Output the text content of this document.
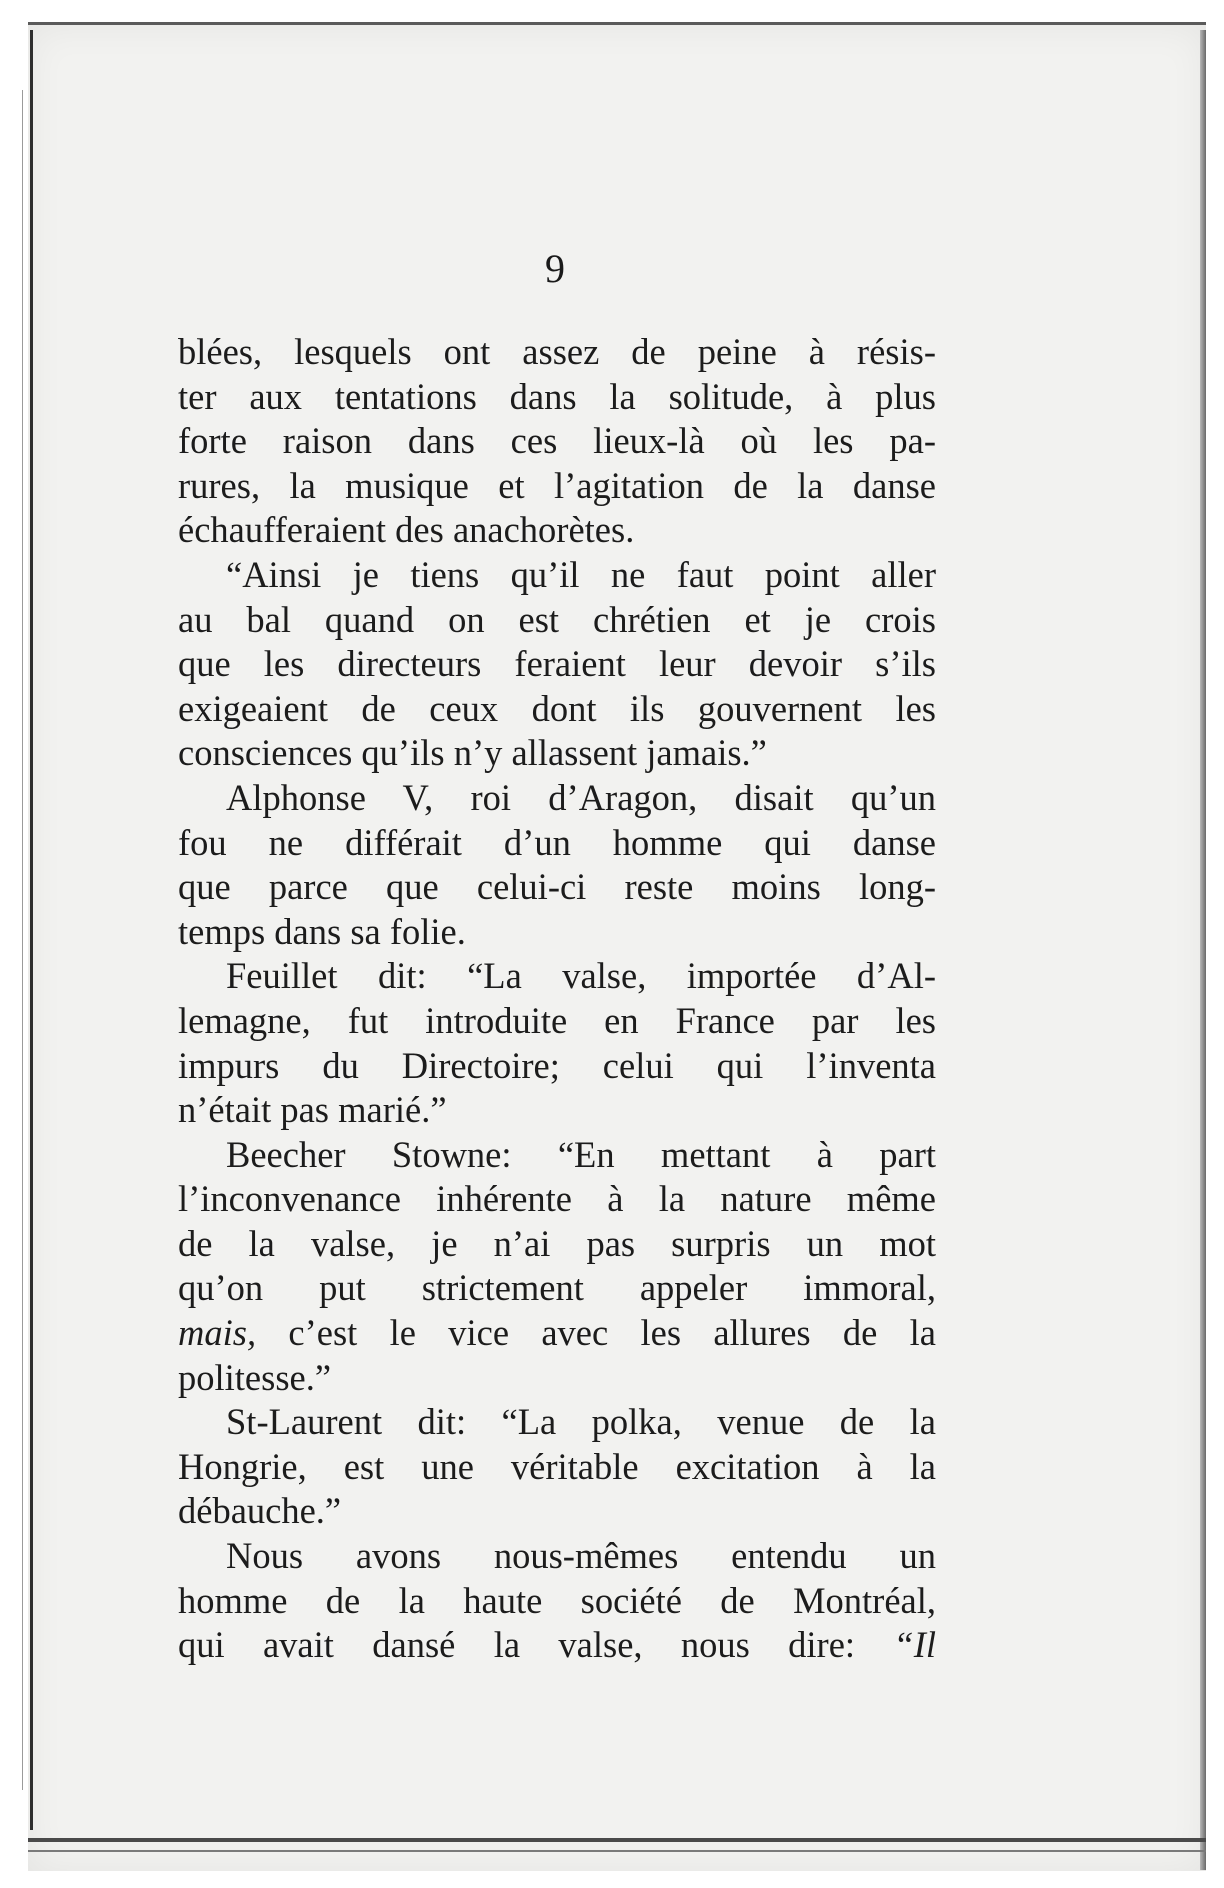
9
blées, lesquels ont assez de peine à résis-
ter aux tentations dans la solitude, à plus
forte raison dans ces lieux-là où les pa-
rures, la musique et l’agitation de la danse
échaufferaient des anachorètes.
“Ainsi je tiens qu’il ne faut point aller
au bal quand on est chrétien et je crois
que les directeurs feraient leur devoir s’ils
exigeaient de ceux dont ils gouvernent les
consciences qu’ils n’y allassent jamais.”
Alphonse V, roi d’Aragon, disait qu’un
fou ne différait d’un homme qui danse
que parce que celui-ci reste moins long-
temps dans sa folie.
Feuillet dit: “La valse, importée d’Al-
lemagne, fut introduite en France par les
impurs du Directoire; celui qui l’inventa
n’était pas marié.”
Beecher Stowne: “En mettant à part
l’inconvenance inhérente à la nature même
de la valse, je n’ai pas surpris un mot
qu’on put strictement appeler immoral,
mais, c’est le vice avec les allures de la
politesse.”
St-Laurent dit: “La polka, venue de la
Hongrie, est une véritable excitation à la
débauche.”
Nous avons nous-mêmes entendu un
homme de la haute société de Montréal,
qui avait dansé la valse, nous dire: “Il
